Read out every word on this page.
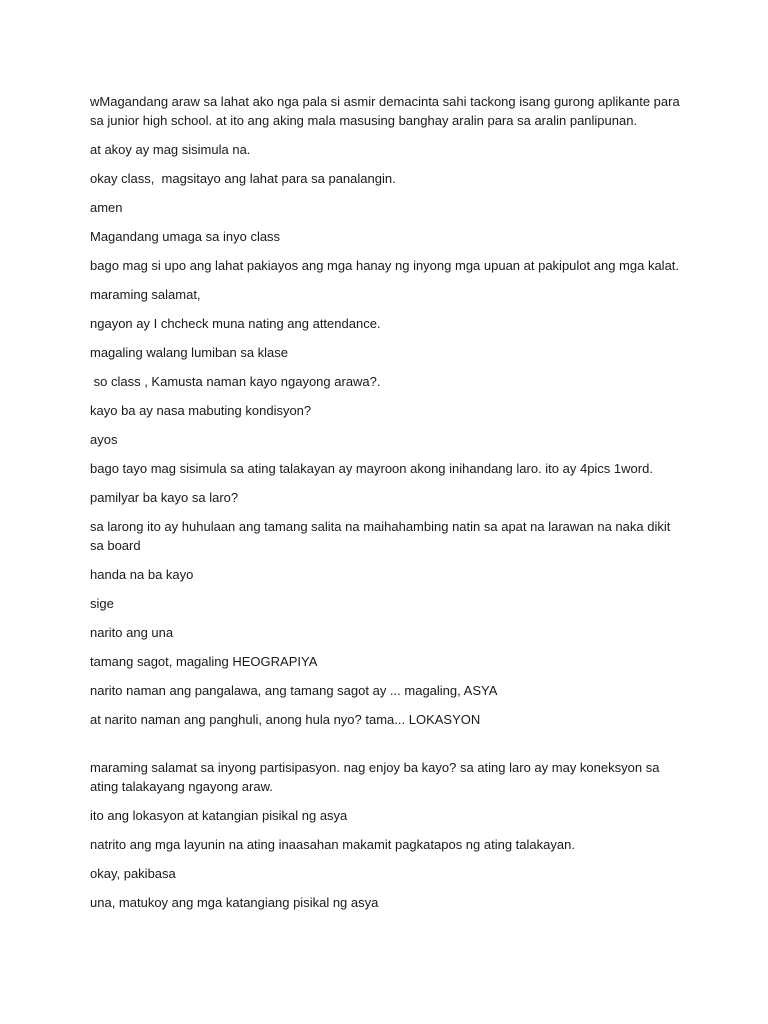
wMagandang araw sa lahat ako nga pala si asmir demacinta sahi tackong isang gurong aplikante para sa junior high school. at ito ang aking mala masusing banghay aralin para sa aralin panlipunan.

at akoy ay mag sisimula na.

okay class,  magsitayo ang lahat para sa panalangin.

amen

Magandang umaga sa inyo class

bago mag si upo ang lahat pakiayos ang mga hanay ng inyong mga upuan at pakipulot ang mga kalat.

maraming salamat,

ngayon ay I chcheck muna nating ang attendance.

magaling walang lumiban sa klase

so class , Kamusta naman kayo ngayong arawa?.

kayo ba ay nasa mabuting kondisyon?

ayos

bago tayo mag sisimula sa ating talakayan ay mayroon akong inihandang laro. ito ay 4pics 1word.

pamilyar ba kayo sa laro?

sa larong ito ay huhulaan ang tamang salita na maihahambing natin sa apat na larawan na naka dikit sa board

handa na ba kayo

sige

narito ang una

tamang sagot, magaling HEOGRAPIYA

narito naman ang pangalawa, ang tamang sagot ay ... magaling, ASYA

at narito naman ang panghuli, anong hula nyo? tama... LOKASYON

maraming salamat sa inyong partisipasyon. nag enjoy ba kayo? sa ating laro ay may koneksyon sa ating talakayang ngayong araw.

ito ang lokasyon at katangian pisikal ng asya

natrito ang mga layunin na ating inaasahan makamit pagkatapos ng ating talakayan.

okay, pakibasa

una, matukoy ang mga katangiang pisikal ng asya
